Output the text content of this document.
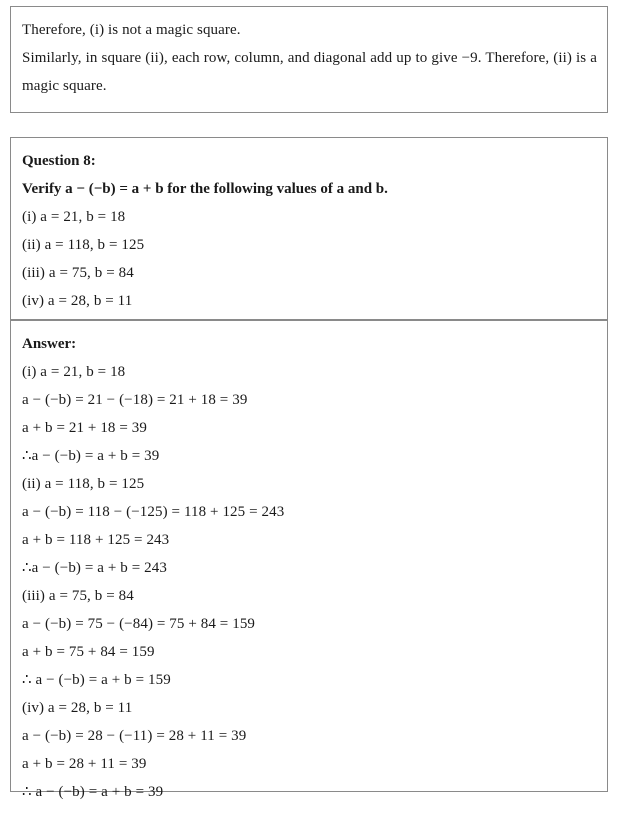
Therefore, (i) is not a magic square.
Similarly, in square (ii), each row, column, and diagonal add up to give −9. Therefore, (ii) is a magic square.
Question 8:
Verify a − (−b) = a + b for the following values of a and b.
(i) a = 21, b = 18
(ii) a = 118, b = 125
(iii) a = 75, b = 84
(iv) a = 28, b = 11
Answer:
(i) a = 21, b = 18
a − (−b) = 21 − (−18) = 21 + 18 = 39
a + b = 21 + 18 = 39
∴a − (−b) = a + b = 39
(ii) a = 118, b = 125
a − (−b) = 118 − (−125) = 118 + 125 = 243
a + b = 118 + 125 = 243
∴a − (−b) = a + b = 243
(iii) a = 75, b = 84
a − (−b) = 75 − (−84) = 75 + 84 = 159
a + b = 75 + 84 = 159
∴ a − (−b) = a + b = 159
(iv) a = 28, b = 11
a − (−b) = 28 − (−11) = 28 + 11 = 39
a + b = 28 + 11 = 39
∴ a − (−b) = a + b = 39
